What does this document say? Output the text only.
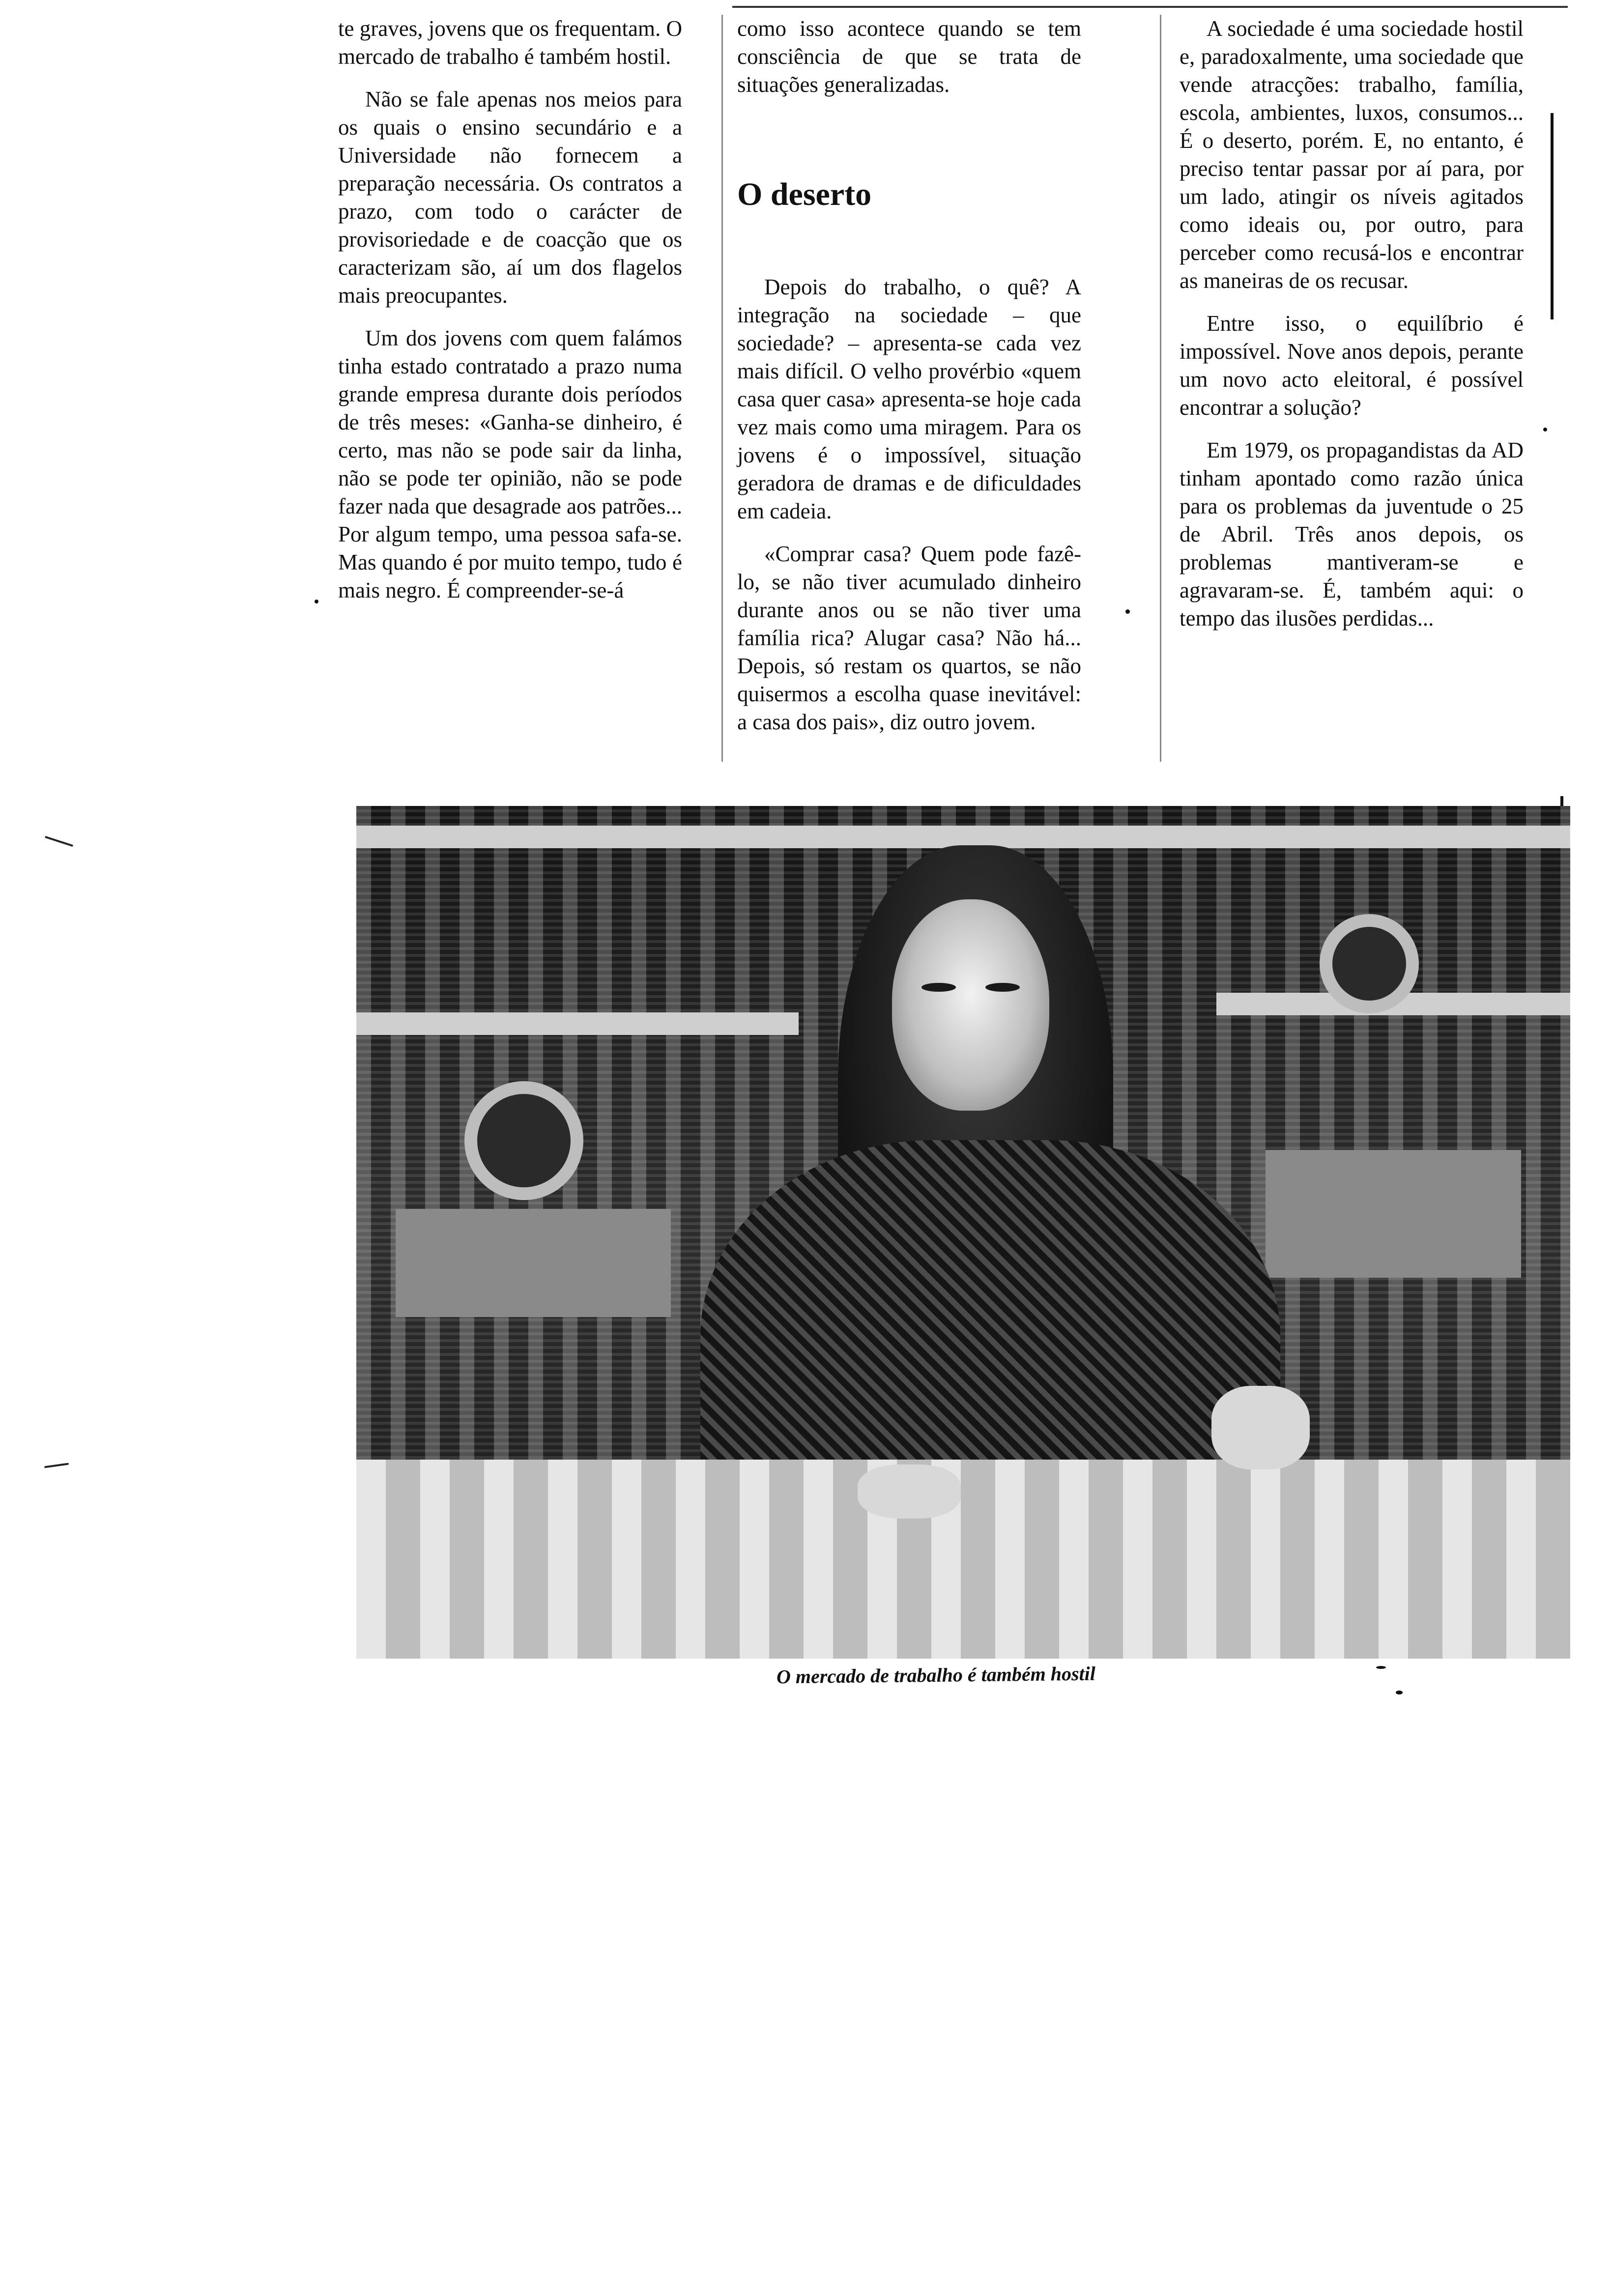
te graves, jovens que os frequentam. O mercado de trabalho é também hostil.

Não se fale apenas nos meios para os quais o ensino secundário e a Universidade não fornecem a preparação necessária. Os contratos a prazo, com todo o carácter de provisoriedade e de coacção que os caracterizam são, aí um dos flagelos mais preocupantes.

Um dos jovens com quem falámos tinha estado contratado a prazo numa grande empresa durante dois períodos de três meses: «Ganha-se dinheiro, é certo, mas não se pode sair da linha, não se pode ter opinião, não se pode fazer nada que desagrade aos patrões... Por algum tempo, uma pessoa safa-se. Mas quando é por muito tempo, tudo é mais negro. É compreender-se-á

como isso acontece quando se tem consciência de que se trata de situações generalizadas.

O deserto

Depois do trabalho, o quê? A integração na sociedade – que sociedade? – apresenta-se cada vez mais difícil. O velho provérbio «quem casa quer casa» apresenta-se hoje cada vez mais como uma miragem. Para os jovens é o impossível, situação geradora de dramas e de dificuldades em cadeia.

«Comprar casa? Quem pode fazê-lo, se não tiver acumulado dinheiro durante anos ou se não tiver uma família rica? Alugar casa? Não há... Depois, só restam os quartos, se não quisermos a escolha quase inevitável: a casa dos pais», diz outro jovem.

A sociedade é uma sociedade hostil e, paradoxalmente, uma sociedade que vende atracções: trabalho, família, escola, ambientes, luxos, consumos... É o deserto, porém. E, no entanto, é preciso tentar passar por aí para, por um lado, atingir os níveis agitados como ideais ou, por outro, para perceber como recusá-los e encontrar as maneiras de os recusar.

Entre isso, o equilíbrio é impossível. Nove anos depois, perante um novo acto eleitoral, é possível encontrar a solução?

Em 1979, os propagandistas da AD tinham apontado como razão única para os problemas da juventude o 25 de Abril. Três anos depois, os problemas mantiveram-se e agravaram-se. É, também aqui: o tempo das ilusões perdidas...

O mercado de trabalho é também hostil
